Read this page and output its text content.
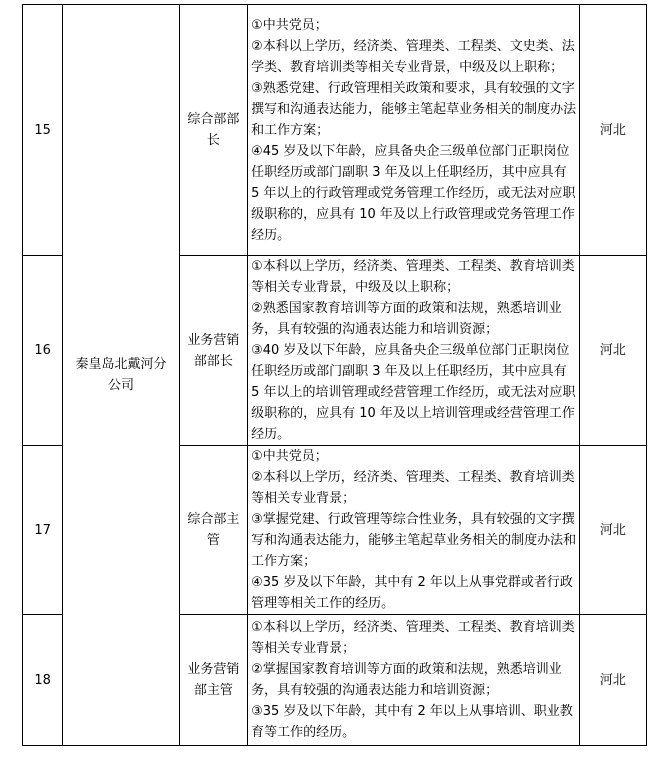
15	秦皇岛北戴河分公司	综合部部长	①中共党员；
②本科以上学历，经济类、管理类、工程类、文史类、法学类、教育培训类等相关专业背景，中级及以上职称；
③熟悉党建、行政管理相关政策和要求，具有较强的文字撰写和沟通表达能力，能够主笔起草业务相关的制度办法和工作方案；
④45 岁及以下年龄，应具备央企三级单位部门正职岗位任职经历或部门副职 3 年及以上任职经历，其中应具有 5 年以上的行政管理或党务管理工作经历，或无法对应职级职称的，应具有 10 年及以上行政管理或党务管理工作经历。	河北
16		业务营销部部长	①本科以上学历，经济类、管理类、工程类、教育培训类等相关专业背景，中级及以上职称；
②熟悉国家教育培训等方面的政策和法规，熟悉培训业务，具有较强的沟通表达能力和培训资源；
③40 岁及以下年龄，应具备央企三级单位部门正职岗位任职经历或部门副职 3 年及以上任职经历，其中应具有 5 年以上的培训管理或经营管理工作经历，或无法对应职级职称的，应具有 10 年及以上培训管理或经营管理工作经历。	河北
17		综合部主管	①中共党员；
②本科以上学历，经济类、管理类、工程类、教育培训类等相关专业背景；
③掌握党建、行政管理等综合性业务，具有较强的文字撰写和沟通表达能力，能够主笔起草业务相关的制度办法和工作方案；
④35 岁及以下年龄，其中有 2 年以上从事党群或者行政管理等相关工作的经历。	河北
18		业务营销部主管	①本科以上学历，经济类、管理类、工程类、教育培训类等相关专业背景；
②掌握国家教育培训等方面的政策和法规，熟悉培训业务，具有较强的沟通表达能力和培训资源；
③35 岁及以下年龄，其中有 2 年以上从事培训、职业教育等工作的经历。	河北
